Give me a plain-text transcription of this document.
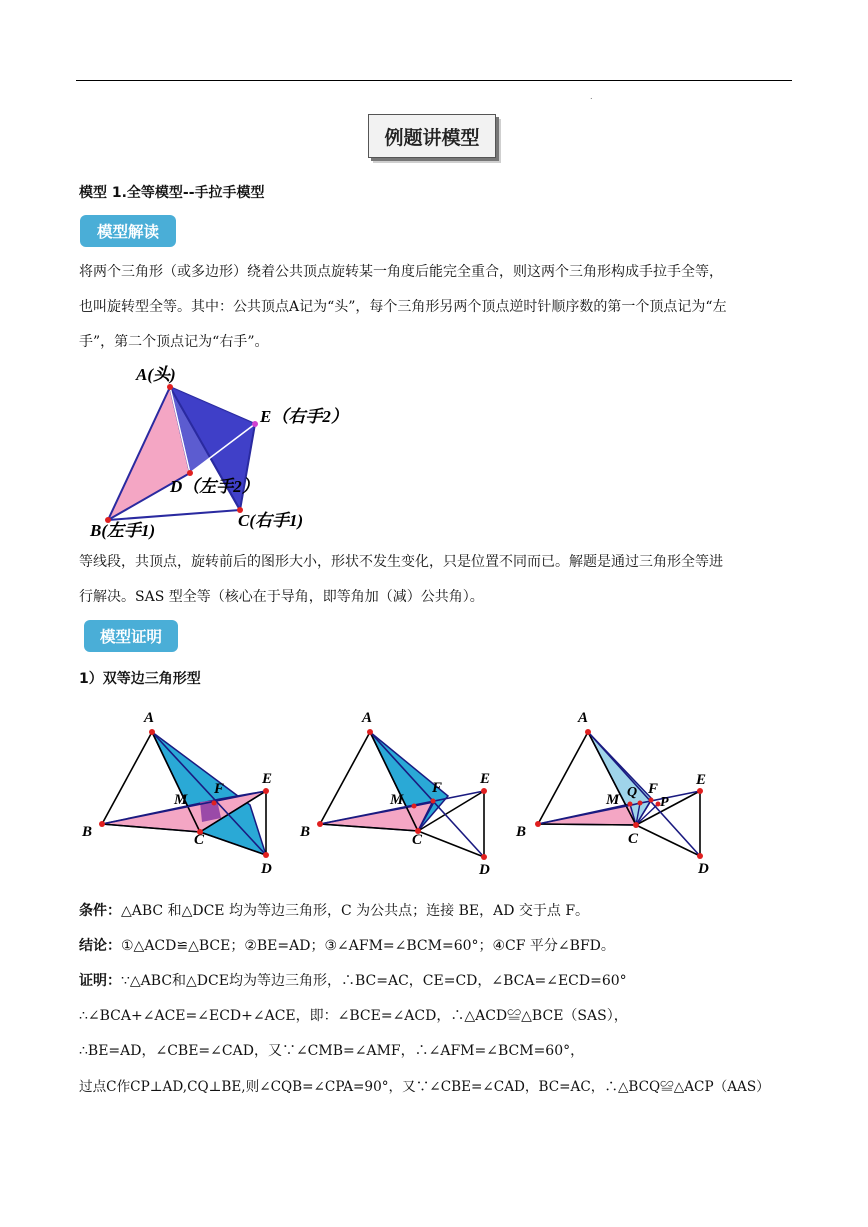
.
例题讲模型
模型 1.全等模型--手拉手模型
模型解读
将两个三角形（或多边形）绕着公共顶点旋转某一角度后能完全重合，则这两个三角形构成手拉手全等，
也叫旋转型全等。其中：公共顶点A记为“头”，每个三角形另两个顶点逆时针顺序数的第一个顶点记为“左
手”，第二个顶点记为“右手”。
A(头)
E（右手2）
D（左手2）
B(左手1)
C(右手1)
等线段，共顶点，旋转前后的图形大小，形状不发生变化，只是位置不同而已。解题是通过三角形全等进
行解决。SAS 型全等（核心在于导角，即等角加（减）公共角）。
模型证明
1）双等边三角形型
A
B	C
D
E
F
M
A
B	C
D
E
F
M
A
B	C
D
E
F
M Q
P
条件：△ABC 和△DCE 均为等边三角形，C 为公共点；连接 BE，AD 交于点 F。
结论：①△ACD≌△BCE；②BE=AD；③∠AFM=∠BCM=60°；④CF 平分∠BFD。
证明：∵△ABC和△DCE均为等边三角形，∴BC=AC，CE=CD，∠BCA=∠ECD=60°
∴∠BCA+∠ACE=∠ECD+∠ACE，即：∠BCE=∠ACD，∴△ACD≌△BCE（SAS），
∴BE=AD，∠CBE=∠CAD，又∵∠CMB=∠AMF，∴∠AFM=∠BCM=60°，
过点C作CP⊥AD,CQ⊥BE,则∠CQB=∠CPA=90°，又∵∠CBE=∠CAD，BC=AC，∴△BCQ≌△ACP（AAS）
